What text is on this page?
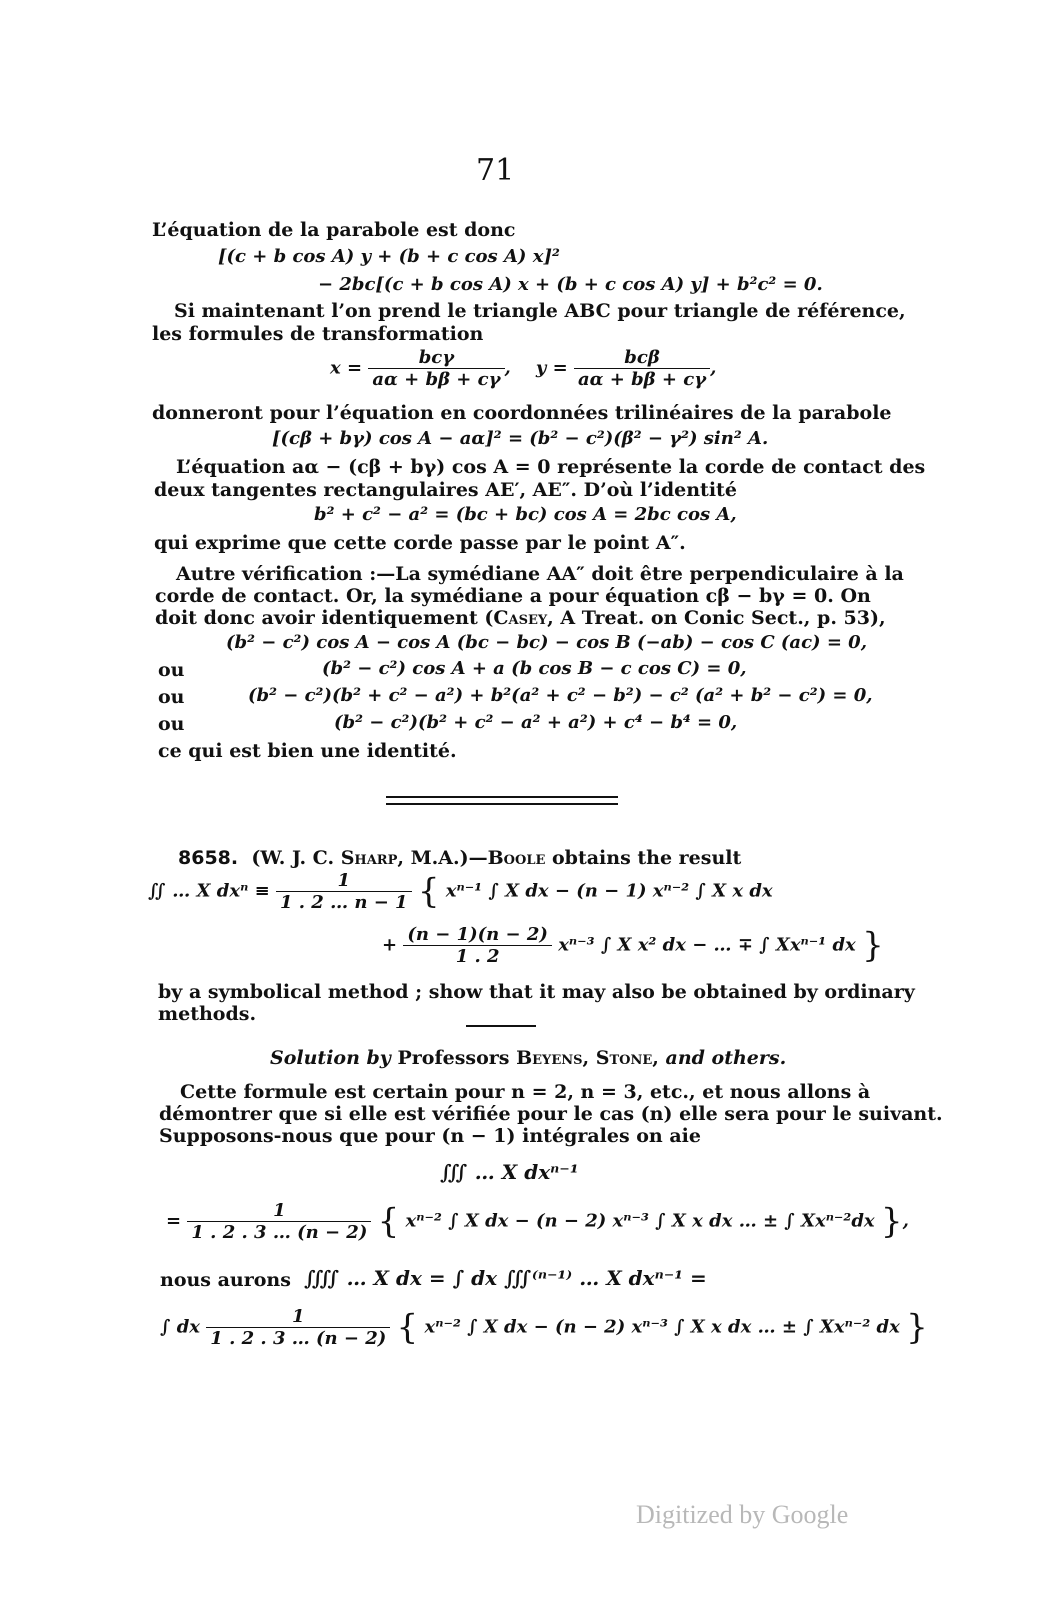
71
L’équation de la parabole est donc
[(c + b cos A) y + (b + c cos A) x]²
− 2bc[(c + b cos A) x + (b + c cos A) y] + b²c² = 0.
Si maintenant l’on prend le triangle ABC pour triangle de référence,
les formules de transformation
$x = \frac{\text{bcγ}}{a\alpha + b\beta + c\gamma}$ , $y = \frac{\text{bcβ}}{a\alpha + b\beta + c\gamma}$ ,
donneront pour l’équation en coordonnées trilinéaires de la parabole
[(cβ + bγ) cos A − aα]² = (b² − c²)(β² − γ²) sin² A.
L’équation aα − (cβ + bγ) cos A = 0 représente la corde de contact des
deux tangentes rectangulaires AE′, AE″. D’où l’identité
b² + c² − a² = (bc + bc) cos A = 2bc cos A,
qui exprime que cette corde passe par le point A″.
Autre vérification :—La symédiane AA″ doit être perpendiculaire à la
corde de contact. Or, la symédiane a pour équation cβ − bγ = 0. On
doit donc avoir identiquement (Casey, A Treat. on Conic Sect., p. 53),
(b² − c²) cos A − cos A (bc − bc) − cos B (−ab) − cos C (ac) = 0,
ou	(b² − c²) cos A + a (b cos B − c cos C) = 0,
ou	(b² − c²)(b² + c² − a²) + b²(a² + c² − b²) − c² (a² + b² − c²) = 0,
ou	(b² − c²)(b² + c² − a² + a²) + c⁴ − b⁴ = 0,
ce qui est bien une identité.
8658. (W. J. C. Sharp, M.A.)—Boole obtains the result
∬ … X $dx^n \equiv \frac{1}{1 . 2 \dots n - 1}$ { xⁿ⁻¹ ∫ X dx − (n − 1) xⁿ⁻² ∫ X x dx
+ $\frac{(n - 1)(n - 2)}{1 . 2} x^{n-3}$ ∫ X x² dx − … ∓ ∫ Xxⁿ⁻¹ dx }
by a symbolical method ; show that it may also be obtained by ordinary
methods.
Solution by Professors Beyens, Stone, and others.
Cette formule est certain pour n = 2, n = 3, etc., et nous allons à
démontrer que si elle est vérifiée pour le cas (n) elle sera pour le suivant.
Supposons-nous que pour (n − 1) intégrales on aie
∭ … X dxⁿ⁻¹
= $\frac{1}{1 . 2 . 3 \dots (n - 2)}$ { xⁿ⁻² ∫ X dx − (n − 2) xⁿ⁻³ ∫ X x dx … ± ∫ Xxⁿ⁻²dx },
nous aurons ⨌ … X dx = ∫ dx ∭⁽ⁿ⁻¹⁾ … X dxⁿ⁻¹ =
∫ dx $\frac{1}{1 . 2 . 3 \dots (n - 2)}$ { xⁿ⁻² ∫ X dx − (n − 2) xⁿ⁻³ ∫ X x dx … ± ∫ Xxⁿ⁻² dx }
Digitized by Google
